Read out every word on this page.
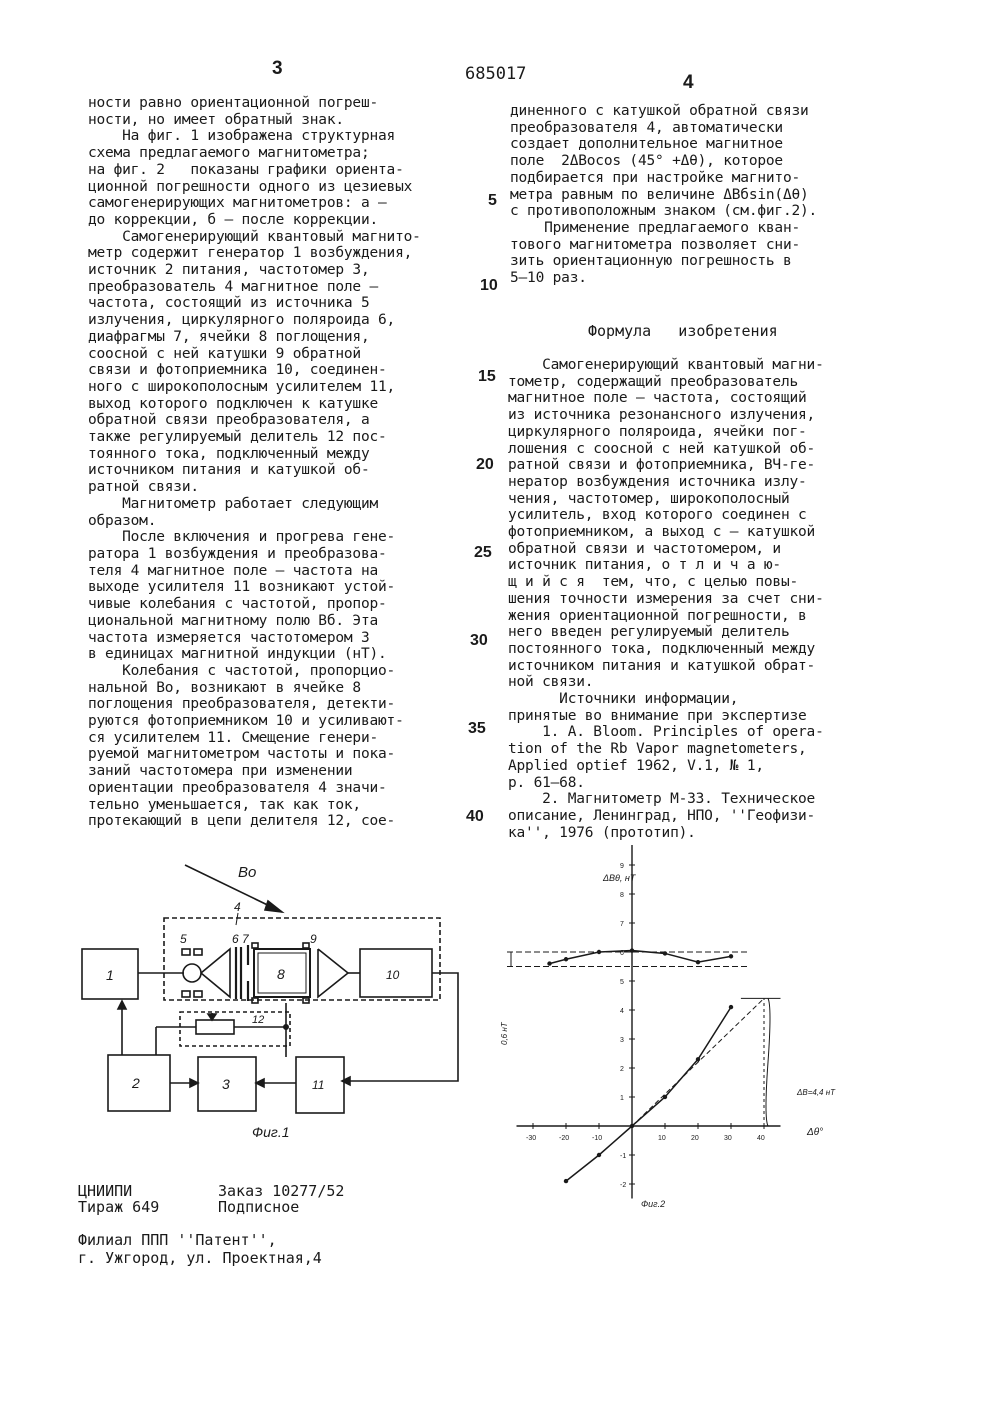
3	685017	4
ности равно ориентационной погреш-
ности, но имеет обратный знак.
На фиг. 1 изображена структурная
схема предлагаемого магнитометра;
на фиг. 2   показаны графики ориента-
ционной погрешности одного из цезиевых
самогенерирующих магнитометров: а —
до коррекции, б — после коррекции.
Самогенерирующий квантовый магнито-
метр содержит генератор 1 возбуждения,
источник 2 питания, частотомер 3,
преобразователь 4 магнитное поле —
частота, состоящий из источника 5
излучения, циркулярного поляроида 6,
диафрагмы 7, ячейки 8 поглощения,
соосной с ней катушки 9 обратной
связи и фотоприемника 10, соединен-
ного с широкополосным усилителем 11,
выход которого подключен к катушке
обратной связи преобразователя, а
также регулируемый делитель 12 пос-
тоянного тока, подключенный между
источником питания и катушкой об-
ратной связи.
Магнитометр работает следующим
образом.
После включения и прогрева гене-
ратора 1 возбуждения и преобразова-
теля 4 магнитное поле — частота на
выходе усилителя 11 возникают устой-
чивые колебания с частотой, пропор-
циональной магнитному полю Bб. Эта
частота измеряется частотомером 3
в единицах магнитной индукции (нТ).
Колебания с частотой, пропорцио-
нальной Bо, возникают в ячейке 8
поглощения преобразователя, детекти-
руются фотоприемником 10 и усиливают-
ся усилителем 11. Смещение генери-
руемой магнитометром частоты и пока-
заний частотомера при изменении
ориентации преобразователя 4 значи-
тельно уменьшается, так как ток,
протекающий в цепи делителя 12, сое-
диненного с катушкой обратной связи
преобразователя 4, автоматически
создает дополнительное магнитное
поле  2ΔBоcos (45° +Δθ), которое
подбирается при настройке магнито-
метра равным по величине ΔBбsin(Δθ)
с противоположным знаком (см.фиг.2).
Применение предлагаемого кван-
тового магнитометра позволяет сни-
зить ориентационную погрешность в
5–10 раз.
Формула   изобретения
Самогенерирующий квантовый магни-
тометр, содержащий преобразователь
магнитное поле — частота, состоящий
из источника резонансного излучения,
циркулярного поляроида, ячейки пог-
лошения с соосной с ней катушкой об-
ратной связи и фотоприемника, ВЧ-ге-
нератор возбуждения источника излу-
чения, частотомер, широкополосный
усилитель, вход которого соединен с
фотоприемником, а выход с — катушкой
обратной связи и частотомером, и
источник питания, о т л и ч а ю-
щ и й с я  тем, что, с целью повы-
шения точности измерения за счет сни-
жения ориентационной погрешности, в
него введен регулируемый делитель
постоянного тока, подключенный между
источником питания и катушкой обрат-
ной связи.
Источники информации,
принятые во внимание при экспертизе
1. A. Bloom. Principles of opera-
tion of the Rb Vapor magnetometers,
Applied optief 1962, V.1, № 1,
p. 61–68.
2. Магнитометр М-33. Техническое
описание, Ленинград, НПО, ''Геофизи-
ка'', 1976 (прототип).
5
10
15
20
25
30
35
40
Bo
1
2	3
10
11
4
5	6 7
8
9
12
Фиг.1
ΔBθ, нТ
Δθ°
0,6 нТ
ΔB=4,4 нТ
Фиг.2
-30	-20	-10	10	20	30	40
-2
-1
1
2
3
4
5
6
7
8
9
ЦНИИПИ
Тираж 649
Заказ 10277/52
Подписное
Филиал ППП ''Патент'',
г. Ужгород, ул. Проектная,4
